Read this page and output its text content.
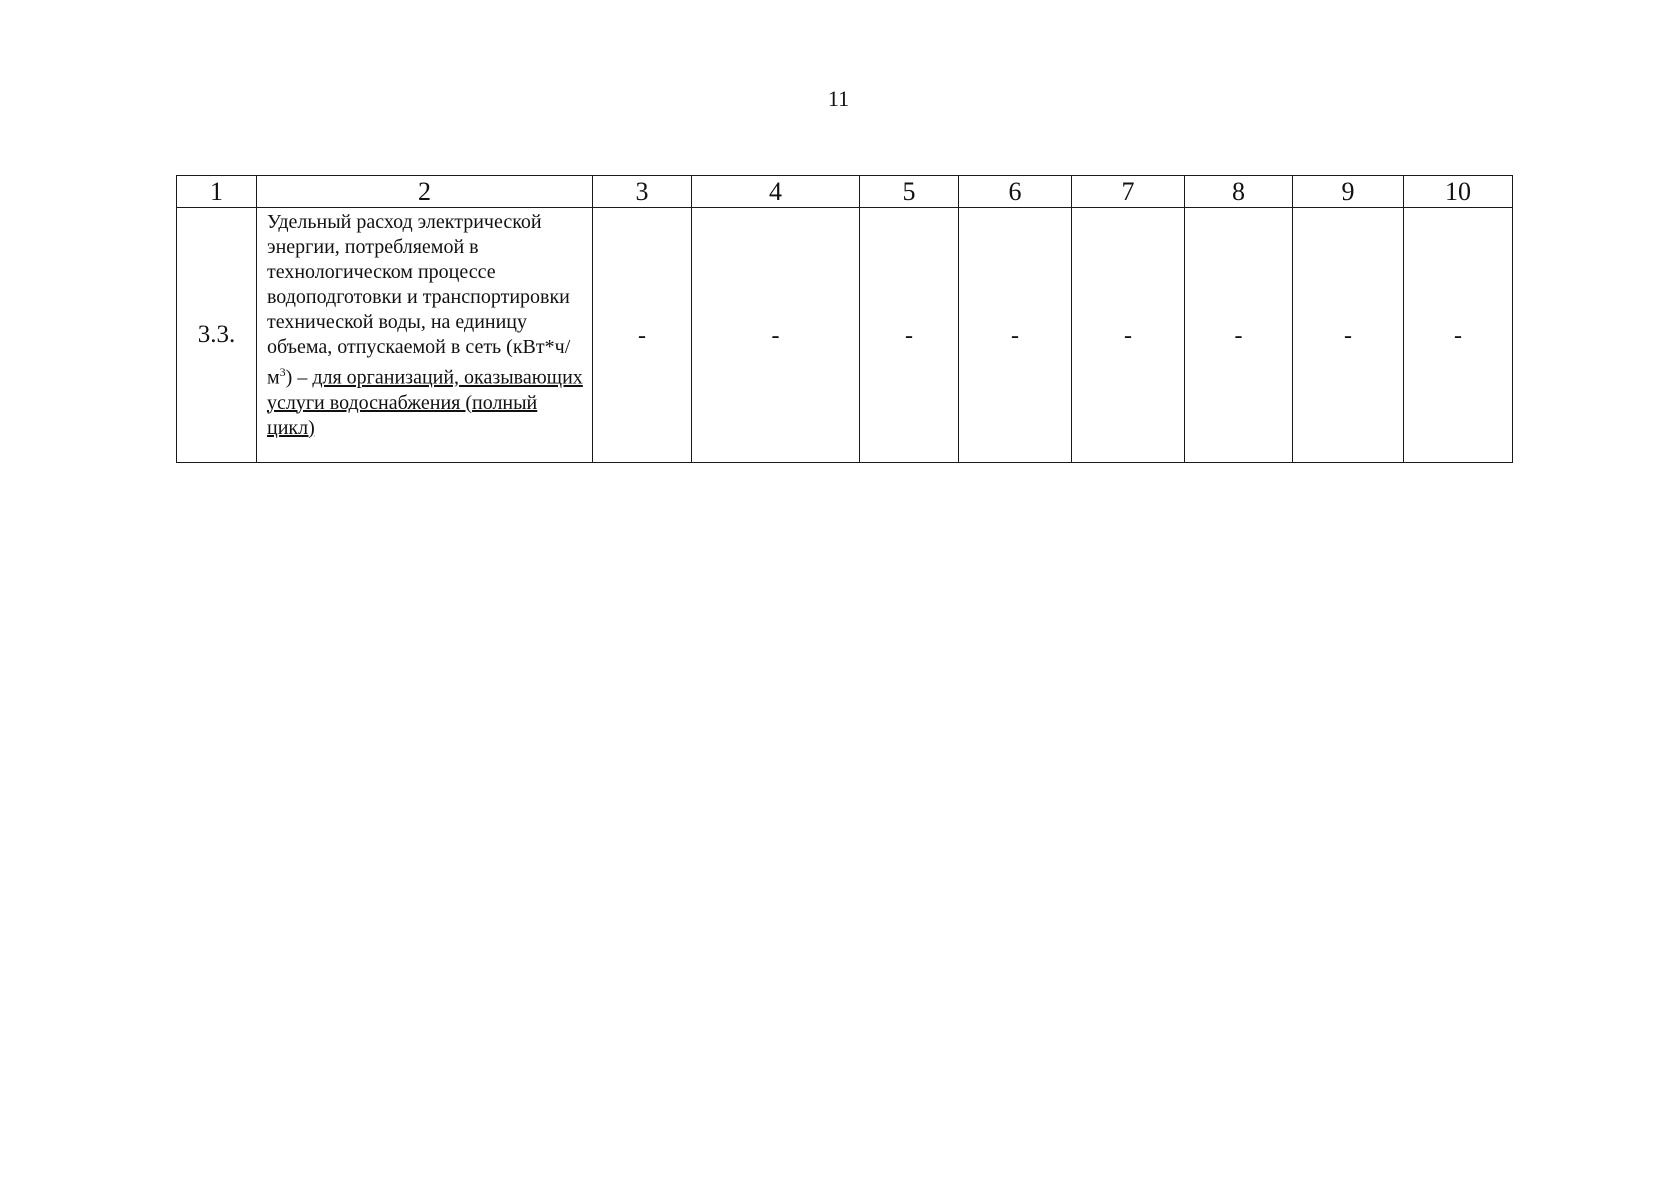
11
1	2	3	4	5	6	7	8	9	10
3.3.	Удельный расход электрической энергии, потребляемой в технологическом процессе водоподготовки и транспортировки технической воды, на единицу объема, отпускаемой в сеть $(кВт*ч/м^3)$ – для организаций, оказывающих услуги водоснабжения (полный цикл)	-	-	-	-	-	-	-	-
